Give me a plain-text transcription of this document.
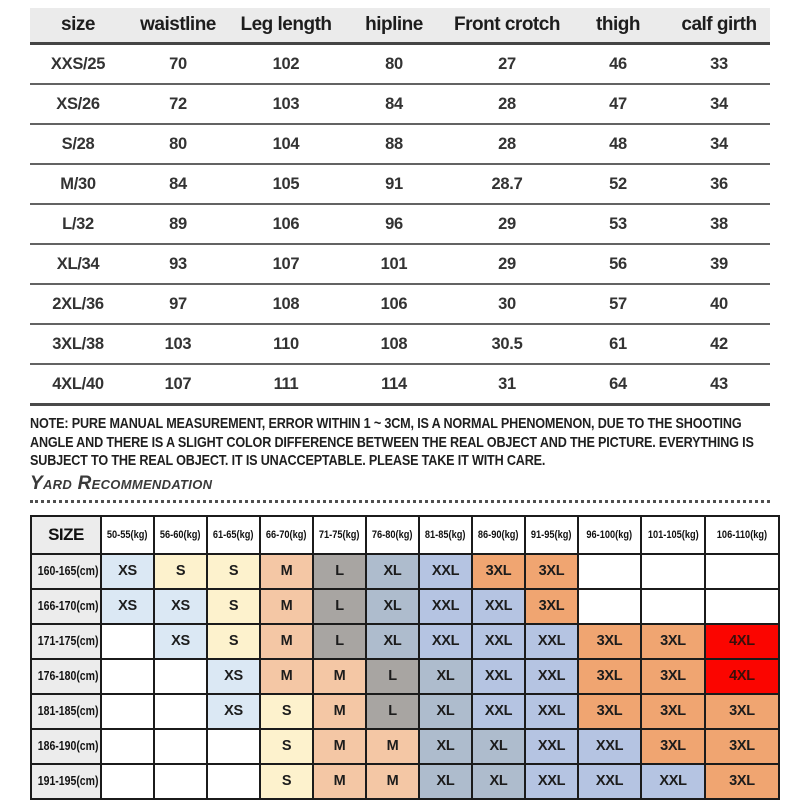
size	waistline	Leg length	hipline	Front crotch	thigh	calf girth
XXS/25	70	102	80	27	46	33
XS/26	72	103	84	28	47	34
S/28	80	104	88	28	48	34
M/30	84	105	91	28.7	52	36
L/32	89	106	96	29	53	38
XL/34	93	107	101	29	56	39
2XL/36	97	108	106	30	57	40
3XL/38	103	110	108	30.5	61	42
4XL/40	107	111	114	31	64	43

NOTE: PURE MANUAL MEASUREMENT, ERROR WITHIN 1 ~ 3CM, IS A NORMAL PHENOMENON, DUE TO THE SHOOTING ANGLE AND THERE IS A SLIGHT COLOR DIFFERENCE BETWEEN THE REAL OBJECT AND THE PICTURE. EVERYTHING IS SUBJECT TO THE REAL OBJECT. IT IS UNACCEPTABLE. PLEASE TAKE IT WITH CARE.

Yard Recommendation
SIZE	50-55(kg)	56-60(kg)	61-65(kg)	66-70(kg)	71-75(kg)	76-80(kg)	81-85(kg)	86-90(kg)	91-95(kg)	96-100(kg)	101-105(kg)	106-110(kg)
160-165(cm)	XS	S	S	M	L	XL	XXL	3XL	3XL			
166-170(cm)	XS	XS	S	M	L	XL	XXL	XXL	3XL			
171-175(cm)		XS	S	M	L	XL	XXL	XXL	XXL	3XL	3XL	4XL
176-180(cm)			XS	M	M	L	XL	XXL	XXL	3XL	3XL	4XL
181-185(cm)			XS	S	M	L	XL	XXL	XXL	3XL	3XL	3XL
186-190(cm)				S	M	M	XL	XL	XXL	XXL	3XL	3XL
191-195(cm)				S	M	M	XL	XL	XXL	XXL	XXL	3XL
